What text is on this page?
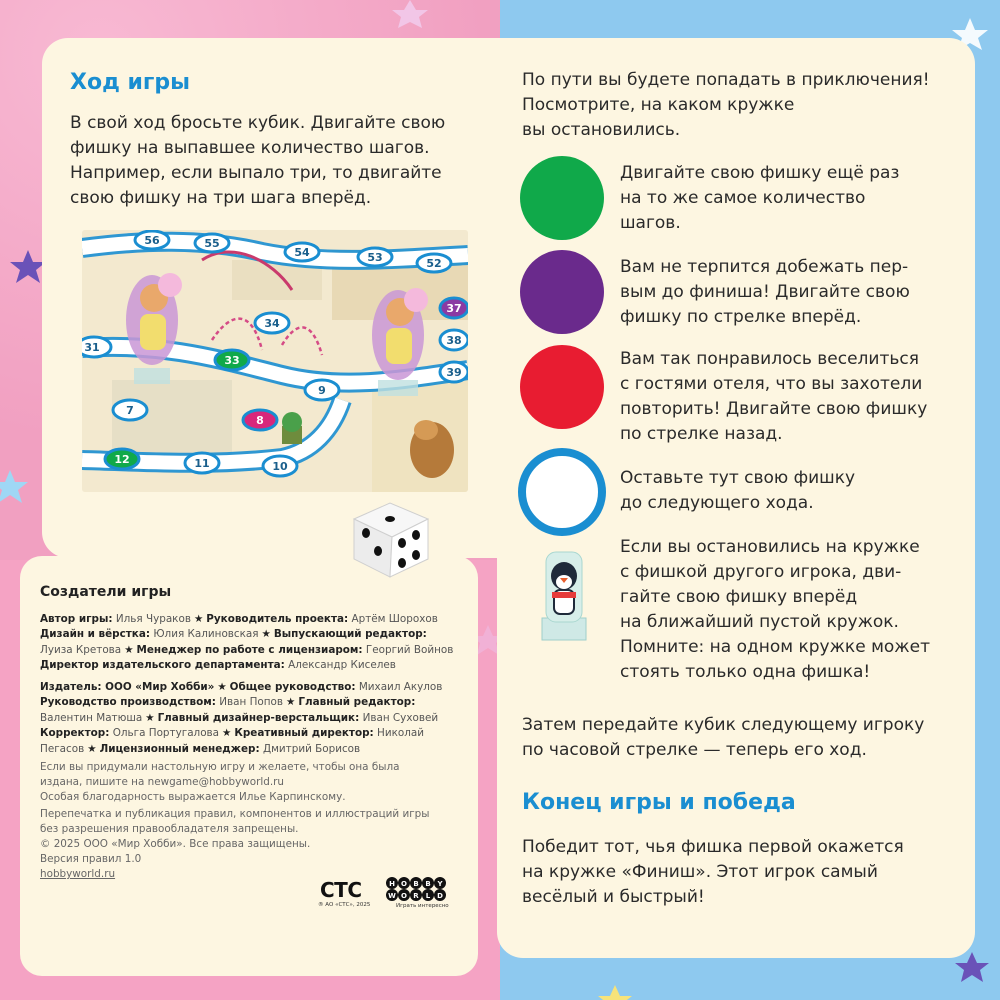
Ход игры
В свой ход бросьте кубик. Двигайте свою
фишку на выпавшее количество шагов.
Например, если выпало три, то двигайте
свою фишку на три шага вперёд.
56	55
54	53	52
34
31
33
9
37
38
39
7
8
12	11	10
По пути вы будете попадать в приключения!
Посмотрите, на каком кружке
вы остановились.
Двигайте свою фишку ещё раз
на то же самое количество
шагов.
Вам не терпится добежать пер-
вым до финиша! Двигайте свою
фишку по стрелке вперёд.
Вам так понравилось веселиться
с гостями отеля, что вы захотели
повторить! Двигайте свою фишку
по стрелке назад.
Оставьте тут свою фишку
до следующего хода.
Если вы остановились на кружке
с фишкой другого игрока, дви-
гайте свою фишку вперёд
на ближайший пустой кружок.
Помните: на одном кружке может
стоять только одна фишка!
Затем передайте кубик следующему игроку
по часовой стрелке — теперь его ход.
Конец игры и победа
Победит тот, чья фишка первой окажется
на кружке «Финиш». Этот игрок самый
весёлый и быстрый!
Создатели игры
Автор игры: Илья Чураков ★ Руководитель проекта: Артём Шорохов
Дизайн и вёрстка: Юлия Калиновская ★ Выпускающий редактор:
Луиза Кретова ★ Менеджер по работе с лицензиаром: Георгий Войнов
Директор издательского департамента: Александр Киселев
Издатель: ООО «Мир Хобби» ★ Общее руководство: Михаил Акулов
Руководство производством: Иван Попов ★ Главный редактор:
Валентин Матюша ★ Главный дизайнер-верстальщик: Иван Суховей
Корректор: Ольга Португалова ★ Креативный директор: Николай
Пегасов ★ Лицензионный менеджер: Дмитрий Борисов
Если вы придумали настольную игру и желаете, чтобы она была
издана, пишите на newgame@hobbyworld.ru
Особая благодарность выражается Илье Карпинскому.
Перепечатка и публикация правил, компонентов и иллюстраций игры
без разрешения правообладателя запрещены.
© 2025 ООО «Мир Хобби». Все права защищены.
Версия правил 1.0
hobbyworld.ru
СТС
® АО «СТС», 2025
H O B B Y
W O R L D
Играть интересно
